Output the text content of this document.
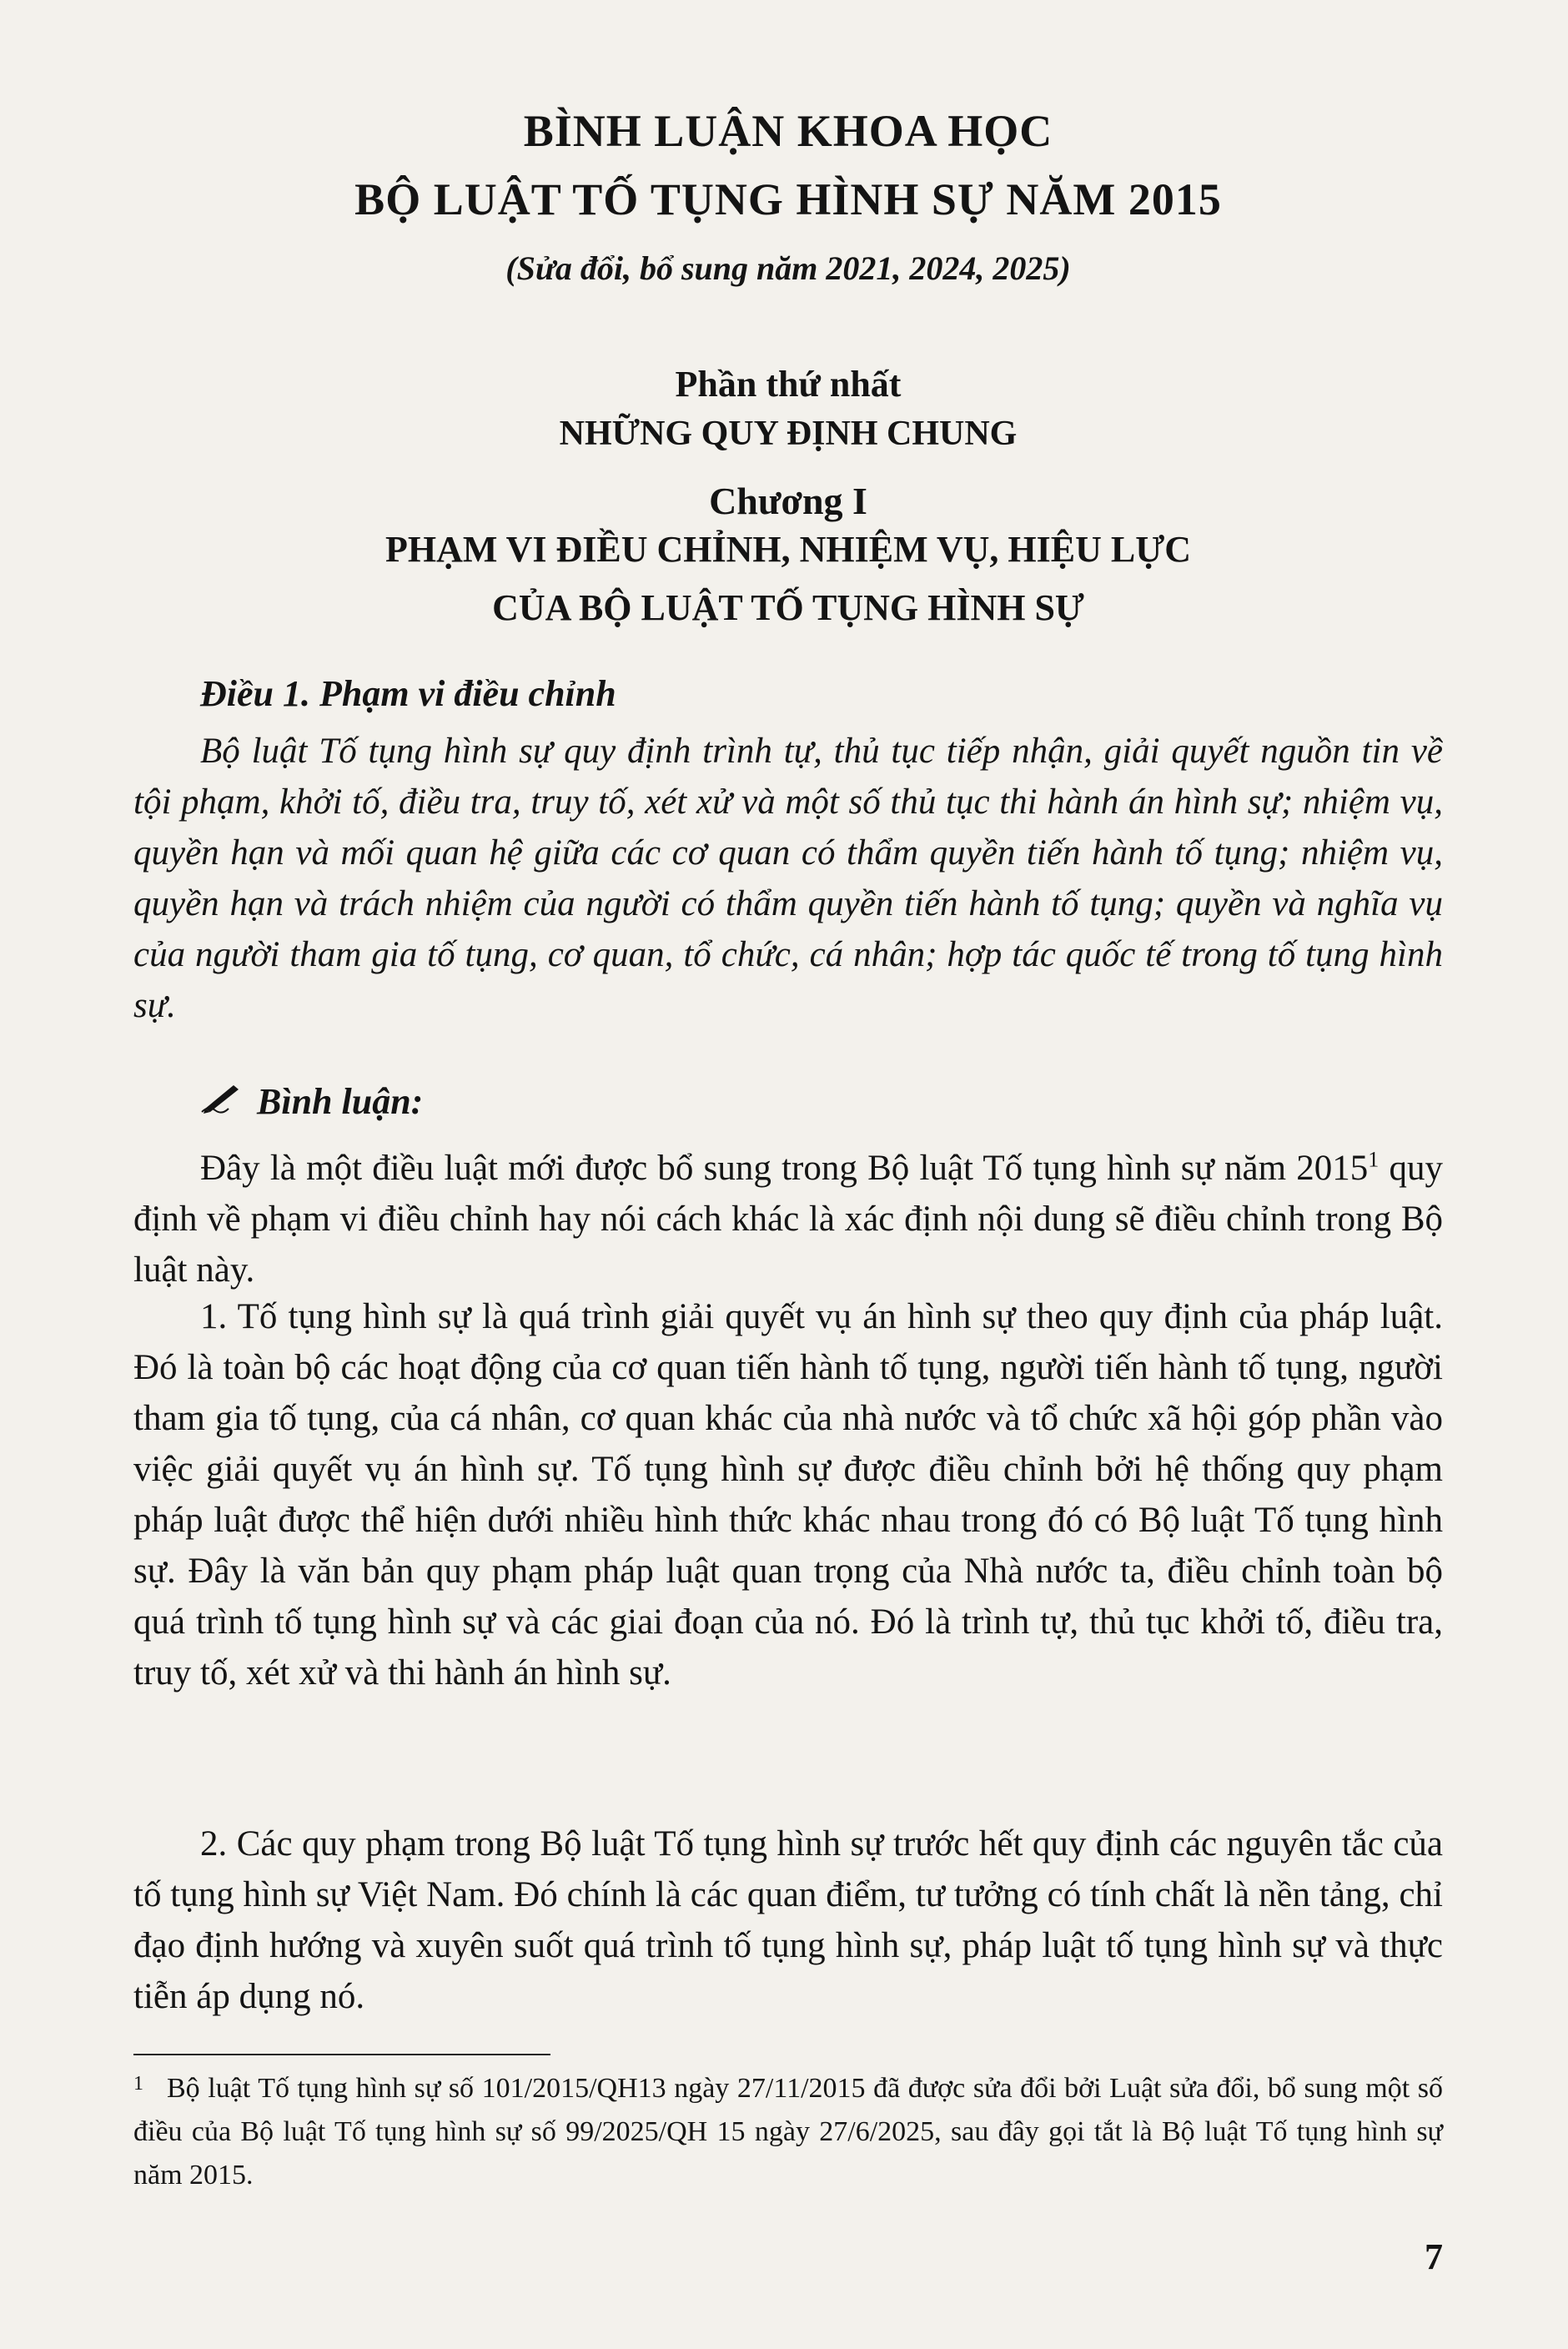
BÌNH LUẬN KHOA HỌC
BỘ LUẬT TỐ TỤNG HÌNH SỰ NĂM 2015
(Sửa đổi, bổ sung năm 2021, 2024, 2025)
Phần thứ nhất
NHỮNG QUY ĐỊNH CHUNG
Chương I
PHẠM VI ĐIỀU CHỈNH, NHIỆM VỤ, HIỆU LỰC
CỦA BỘ LUẬT TỐ TỤNG HÌNH SỰ
Điều 1. Phạm vi điều chỉnh
Bộ luật Tố tụng hình sự quy định trình tự, thủ tục tiếp nhận, giải quyết nguồn tin về tội phạm, khởi tố, điều tra, truy tố, xét xử và một số thủ tục thi hành án hình sự; nhiệm vụ, quyền hạn và mối quan hệ giữa các cơ quan có thẩm quyền tiến hành tố tụng; nhiệm vụ, quyền hạn và trách nhiệm của người có thẩm quyền tiến hành tố tụng; quyền và nghĩa vụ của người tham gia tố tụng, cơ quan, tổ chức, cá nhân; hợp tác quốc tế trong tố tụng hình sự.
Bình luận:
Đây là một điều luật mới được bổ sung trong Bộ luật Tố tụng hình sự năm 2015$^1$ quy định về phạm vi điều chỉnh hay nói cách khác là xác định nội dung sẽ điều chỉnh trong Bộ luật này.
1. Tố tụng hình sự là quá trình giải quyết vụ án hình sự theo quy định của pháp luật. Đó là toàn bộ các hoạt động của cơ quan tiến hành tố tụng, người tiến hành tố tụng, người tham gia tố tụng, của cá nhân, cơ quan khác của nhà nước và tổ chức xã hội góp phần vào việc giải quyết vụ án hình sự. Tố tụng hình sự được điều chỉnh bởi hệ thống quy phạm pháp luật được thể hiện dưới nhiều hình thức khác nhau trong đó có Bộ luật Tố tụng hình sự. Đây là văn bản quy phạm pháp luật quan trọng của Nhà nước ta, điều chỉnh toàn bộ quá trình tố tụng hình sự và các giai đoạn của nó. Đó là trình tự, thủ tục khởi tố, điều tra, truy tố, xét xử và thi hành án hình sự.
2. Các quy phạm trong Bộ luật Tố tụng hình sự trước hết quy định các nguyên tắc của tố tụng hình sự Việt Nam. Đó chính là các quan điểm, tư tưởng có tính chất là nền tảng, chỉ đạo định hướng và xuyên suốt quá trình tố tụng hình sự, pháp luật tố tụng hình sự và thực tiễn áp dụng nó.
1 Bộ luật Tố tụng hình sự số 101/2015/QH13 ngày 27/11/2015 đã được sửa đổi bởi Luật sửa đổi, bổ sung một số điều của Bộ luật Tố tụng hình sự số 99/2025/QH 15 ngày 27/6/2025, sau đây gọi tắt là Bộ luật Tố tụng hình sự năm 2015.
7
